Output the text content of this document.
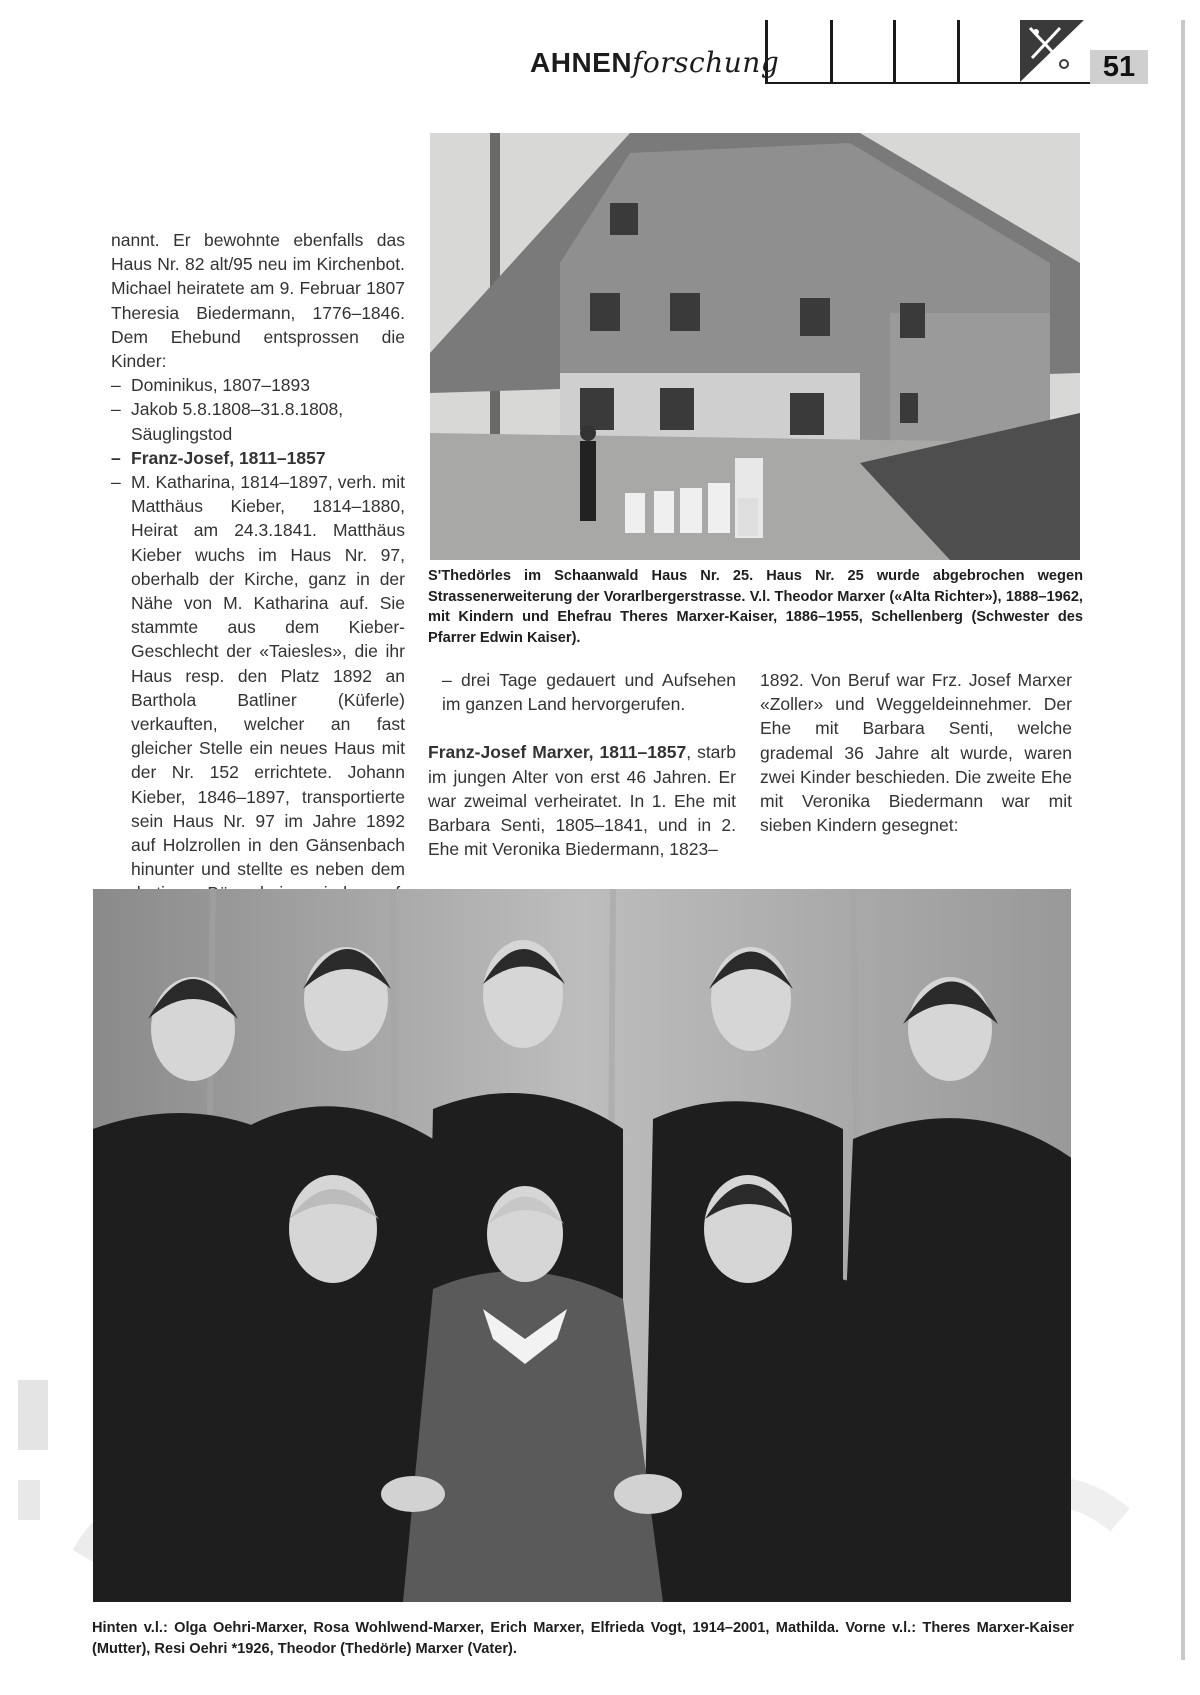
AHNENforschung	51

nannt. Er bewohnte ebenfalls das Haus Nr. 82 alt/95 neu im Kirchenbot. Michael heiratete am 9. Februar 1807 Theresia Biedermann, 1776–1846. Dem Ehebund entsprossen die Kinder:

– Dominikus, 1807–1893
– Jakob 5.8.1808–31.8.1808, Säuglingstod
– Franz-Josef, 1811–1857
– M. Katharina, 1814–1897, verh. mit Matthäus Kieber, 1814–1880, Heirat am 24.3.1841. Matthäus Kieber wuchs im Haus Nr. 97, oberhalb der Kirche, ganz in der Nähe von M. Katharina auf. Sie stammte aus dem Kieber-Geschlecht der «Taiesles», die ihr Haus resp. den Platz 1892 an Barthola Batliner (Küferle) verkauften, welcher an fast gleicher Stelle ein neues Haus mit der Nr. 152 errichtete. Johann Kieber, 1846–1897, transportierte sein Haus Nr. 97 im Jahre 1892 auf Holzrollen in den Gänsenbach hinunter und stellte es neben dem
S'Thedörles im Schaanwald Haus Nr. 25. Haus Nr. 25 wurde abgebrochen wegen Strassenerweiterung der Vorarlbergerstrasse. V.l. Theodor Marxer («Alta Richter»), 1888–1962, mit Kindern und Ehefrau Theres Marxer-Kaiser, 1886–1955, Schellenberg (Schwester des Pfarrer Edwin Kaiser).

– drei Tage gedauert und Aufsehen im ganzen Land hervorgerufen.

Franz-Josef Marxer, 1811–1857, starb im jungen Alter von erst 46 Jahren. Er war zweimal verheiratet. In 1. Ehe mit Barbara Senti, 1805–1841, und in 2. Ehe mit Veronika Biedermann, 1823–

1892. Von Beruf war Frz. Josef Marxer «Zoller» und Weggeldeinnehmer. Der Ehe mit Barbara Senti, welche grademal 36 Jahre alt wurde, waren zwei Kinder beschieden. Die zweite Ehe mit Veronika Biedermann war mit sieben Kindern gesegnet:

Hinten v.l.: Olga Oehri-Marxer, Rosa Wohlwend-Marxer, Erich Marxer, Elfrieda Vogt, 1914–2001, Mathilda. Vorne v.l.: Theres Marxer-Kaiser (Mutter), Resi Oehri *1926, Theodor (Thedörle) Marxer (Vater).
